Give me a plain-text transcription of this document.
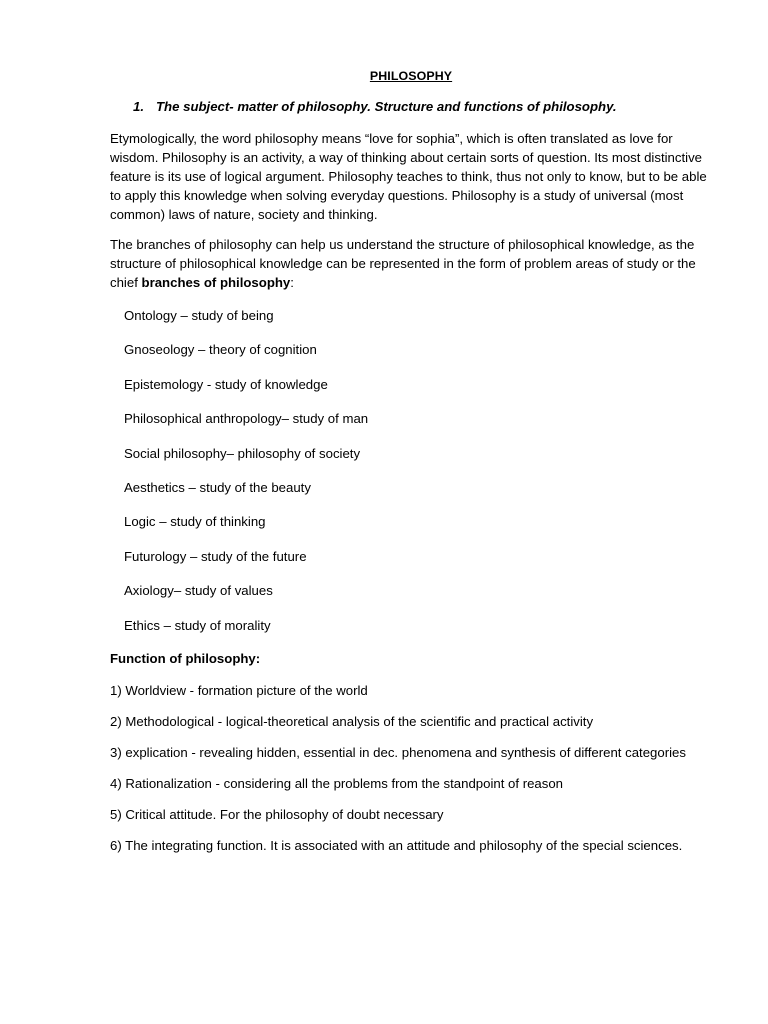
PHILOSOPHY
1. The subject- matter of philosophy. Structure and functions of philosophy.

Etymologically, the word philosophy means “love for sophia”, which is often translated as love for wisdom. Philosophy is an activity, a way of thinking about certain sorts of question. Its most distinctive feature is its use of logical argument. Philosophy teaches to think, thus not only to know, but to be able to apply this knowledge when solving everyday questions. Philosophy is a study of universal (most common) laws of nature, society and thinking.

The branches of philosophy can help us understand the structure of philosophical knowledge, as the structure of philosophical knowledge can be represented in the form of problem areas of study or the chief branches of philosophy:

Ontology – study of being
Gnoseology – theory of cognition
Epistemology - study of knowledge
Philosophical anthropology– study of man
Social philosophy– philosophy of society
Aesthetics – study of the beauty
Logic – study of thinking
Futurology – study of the future
Axiology– study of values
Ethics – study of morality
Function of philosophy:
1) Worldview - formation picture of the world
2) Methodological - logical-theoretical analysis of the scientific and practical activity
3) explication - revealing hidden, essential in dec. phenomena and synthesis of different categories
4) Rationalization - considering all the problems from the standpoint of reason
5) Critical attitude. For the philosophy of doubt necessary
6) The integrating function. It is associated with an attitude and philosophy of the special sciences.
